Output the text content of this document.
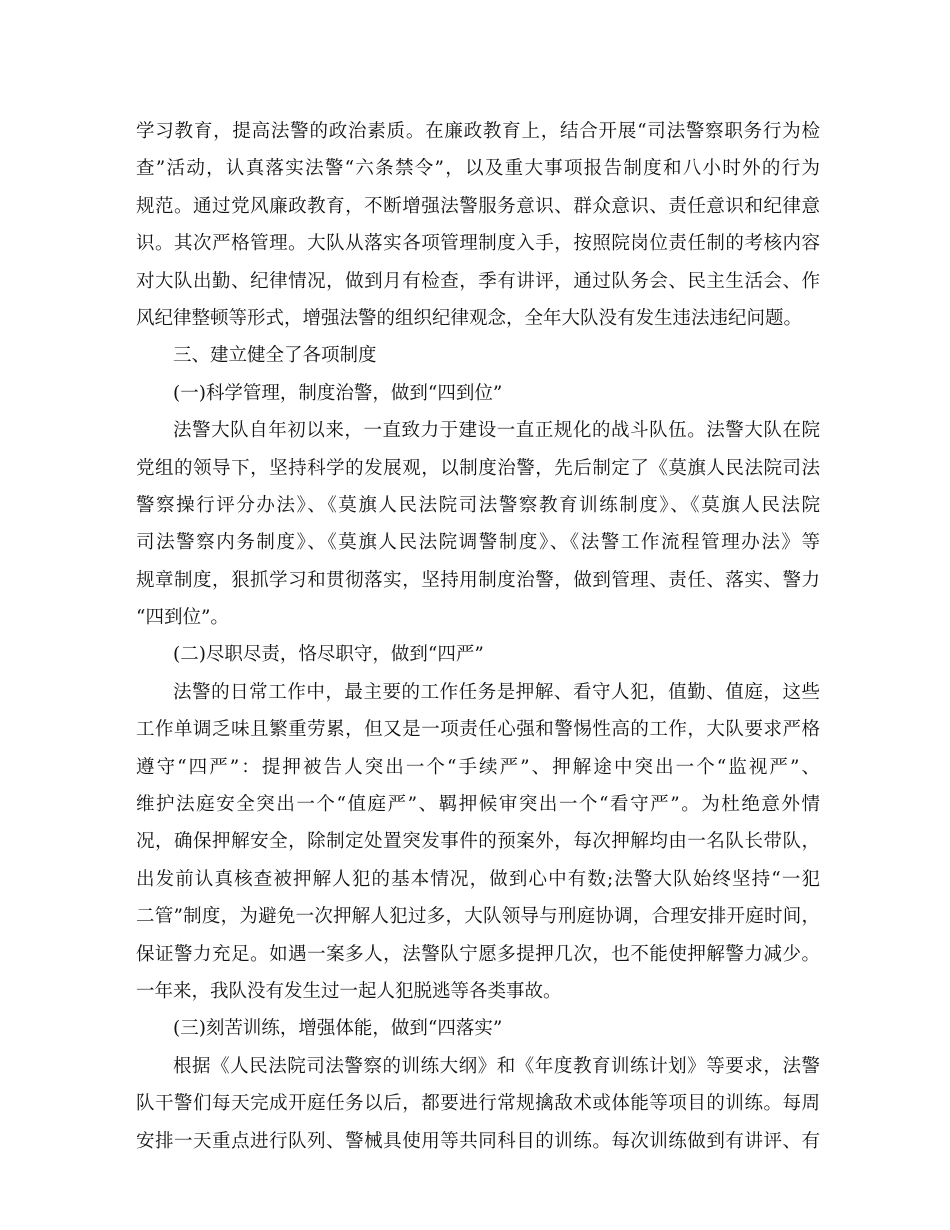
学习教育，提高法警的政治素质。在廉政教育上，结合开展“司法警察职务行为检
查”活动，认真落实法警“六条禁令”，以及重大事项报告制度和八小时外的行为
规范。通过党风廉政教育，不断增强法警服务意识、群众意识、责任意识和纪律意
识。其次严格管理。大队从落实各项管理制度入手，按照院岗位责任制的考核内容
对大队出勤、纪律情况，做到月有检查，季有讲评，通过队务会、民主生活会、作
风纪律整顿等形式，增强法警的组织纪律观念，全年大队没有发生违法违纪问题。
三、建立健全了各项制度
(一)科学管理，制度治警，做到“四到位”
法警大队自年初以来，一直致力于建设一直正规化的战斗队伍。法警大队在院
党组的领导下，坚持科学的发展观，以制度治警，先后制定了《莫旗人民法院司法
警察操行评分办法》、《莫旗人民法院司法警察教育训练制度》、《莫旗人民法院
司法警察内务制度》、《莫旗人民法院调警制度》、《法警工作流程管理办法》等
规章制度，狠抓学习和贯彻落实，坚持用制度治警，做到管理、责任、落实、警力
“四到位”。
(二)尽职尽责，恪尽职守，做到“四严”
法警的日常工作中，最主要的工作任务是押解、看守人犯，值勤、值庭，这些
工作单调乏味且繁重劳累，但又是一项责任心强和警惕性高的工作，大队要求严格
遵守“四严”：提押被告人突出一个“手续严”、押解途中突出一个“监视严”、
维护法庭安全突出一个“值庭严”、羁押候审突出一个“看守严”。为杜绝意外情
况，确保押解安全，除制定处置突发事件的预案外，每次押解均由一名队长带队，
出发前认真核查被押解人犯的基本情况，做到心中有数;法警大队始终坚持“一犯
二管”制度，为避免一次押解人犯过多，大队领导与刑庭协调，合理安排开庭时间，
保证警力充足。如遇一案多人，法警队宁愿多提押几次，也不能使押解警力减少。
一年来，我队没有发生过一起人犯脱逃等各类事故。
(三)刻苦训练，增强体能，做到“四落实”
根据《人民法院司法警察的训练大纲》和《年度教育训练计划》等要求，法警
队干警们每天完成开庭任务以后，都要进行常规擒敌术或体能等项目的训练。每周
安排一天重点进行队列、警械具使用等共同科目的训练。每次训练做到有讲评、有
